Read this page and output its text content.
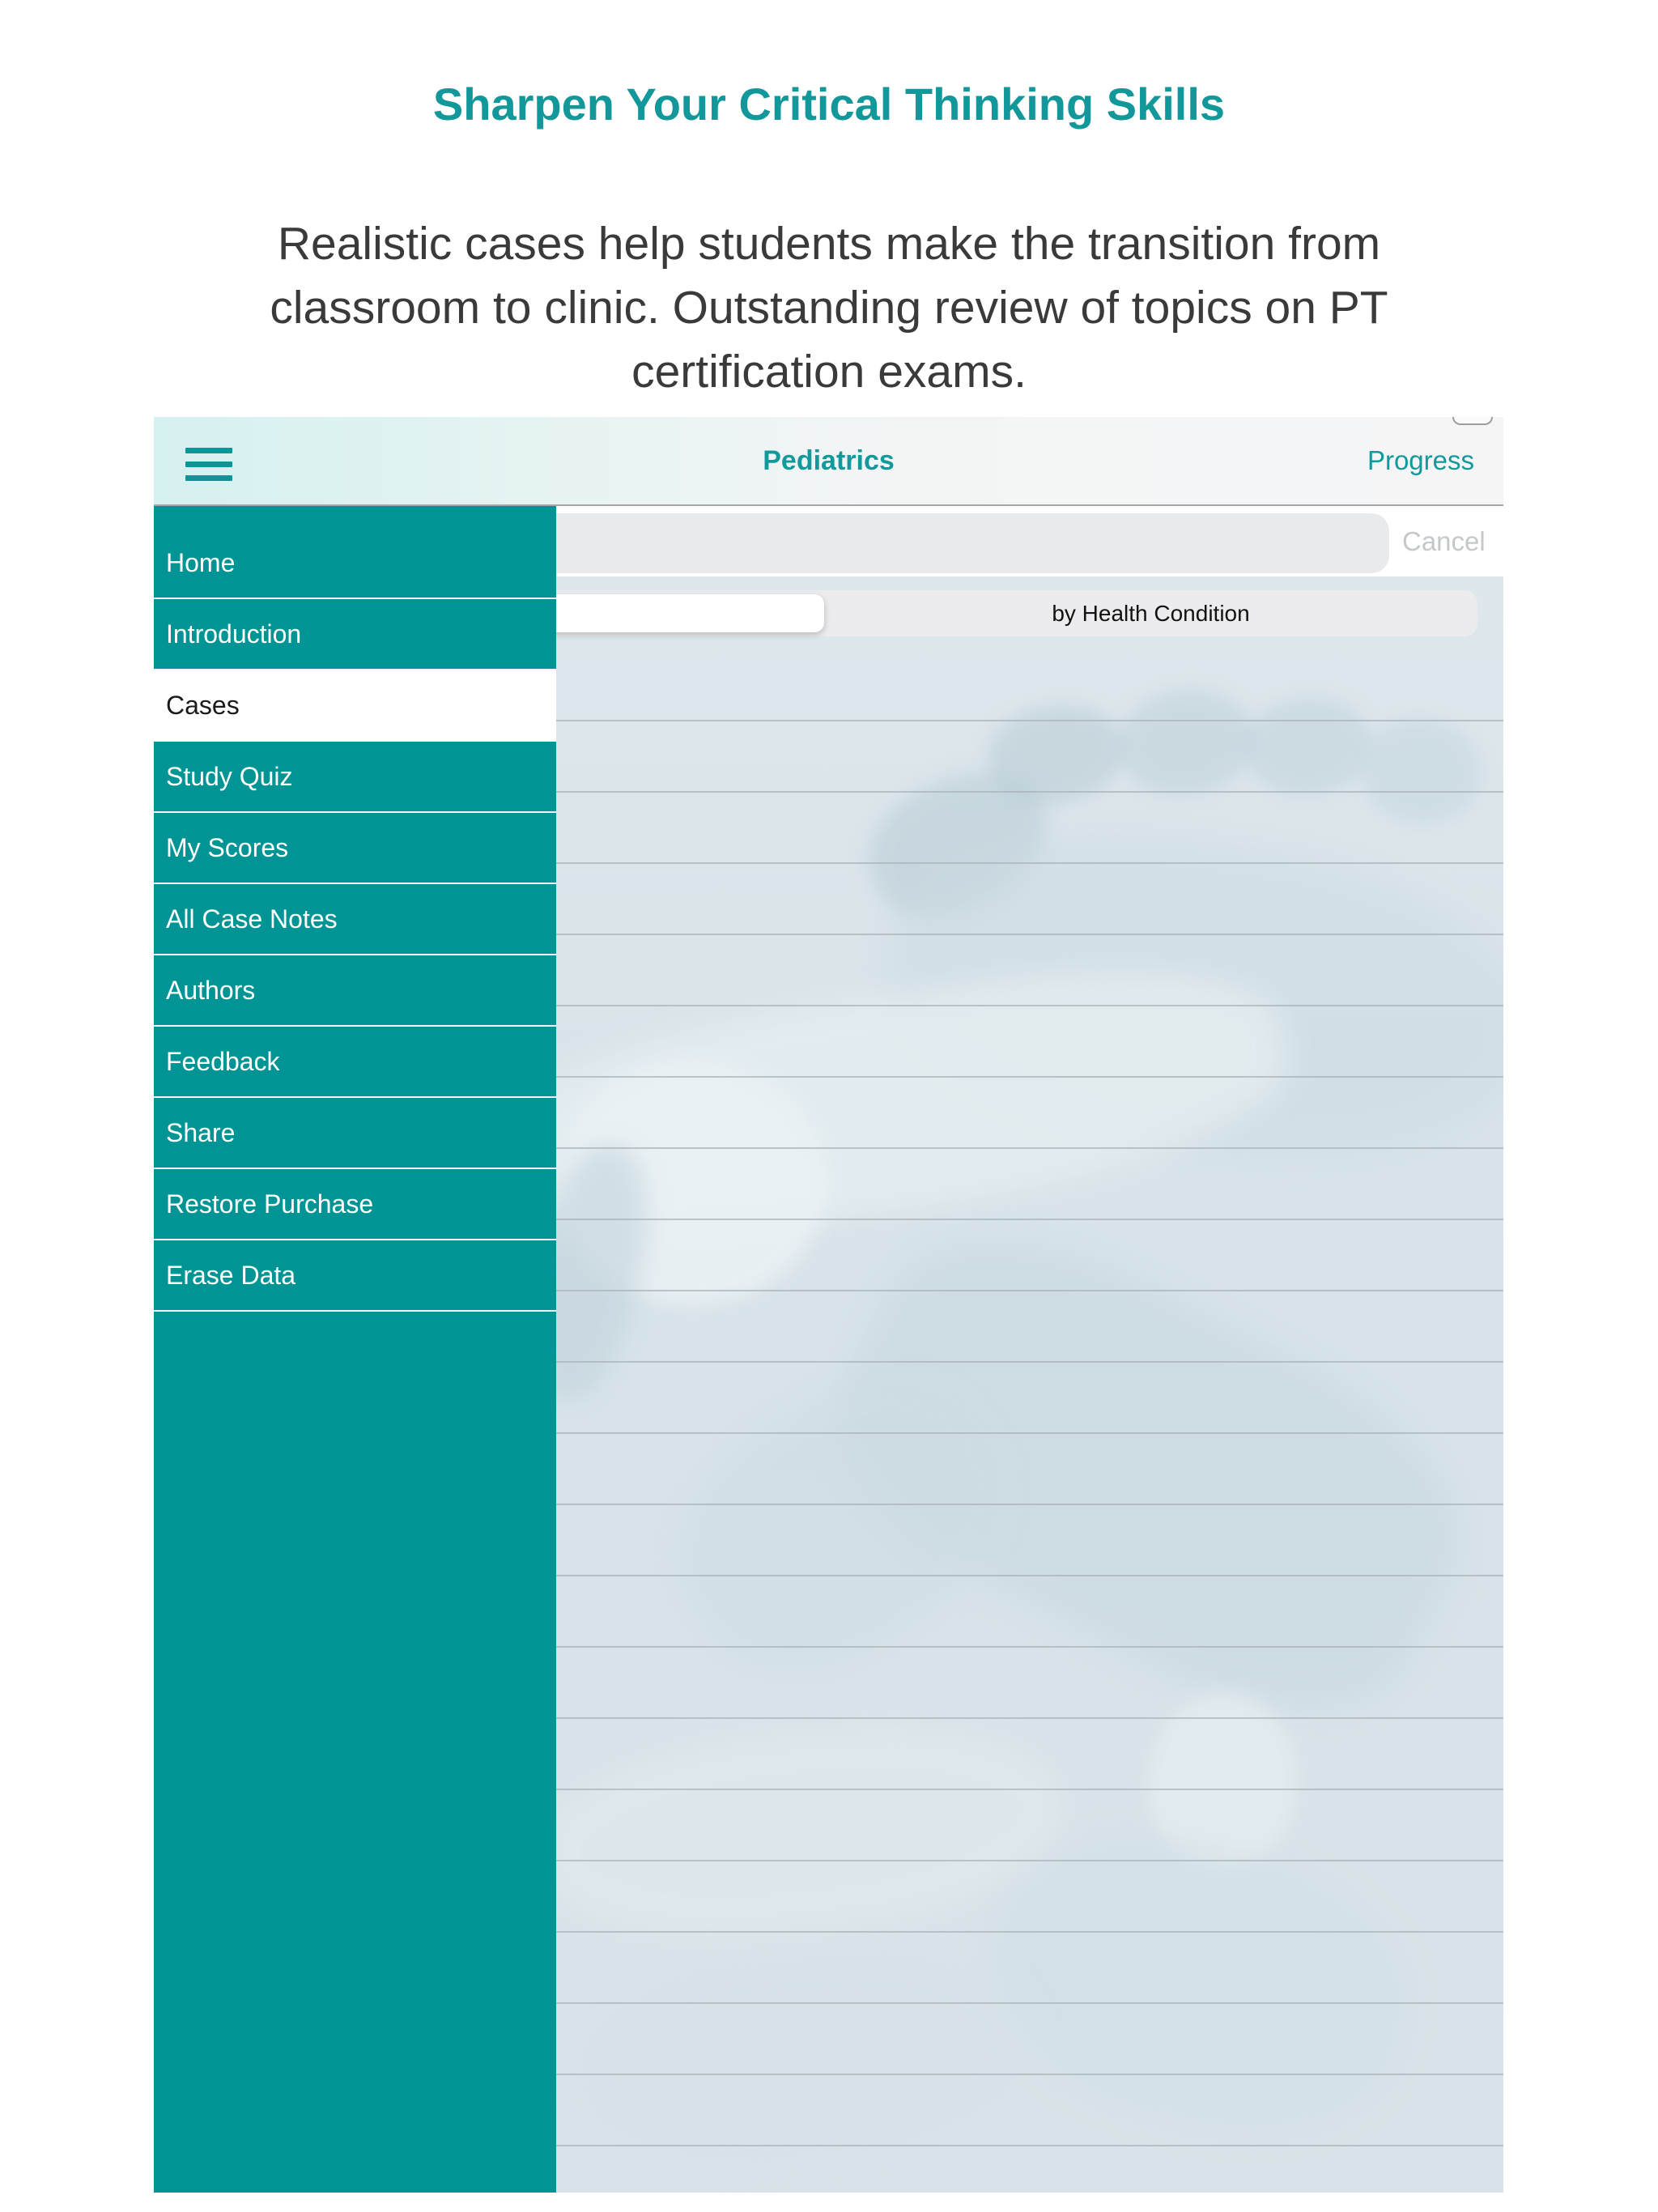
Sharpen Your Critical Thinking Skills
Realistic cases help students make the transition from
classroom to clinic. Outstanding review of topics on PT
certification exams.
by Health Condition
Cancel
Pediatrics	Progress
Home
Introduction
Cases
Study Quiz
My Scores
All Case Notes
Authors
Feedback
Share
Restore Purchase
Erase Data
